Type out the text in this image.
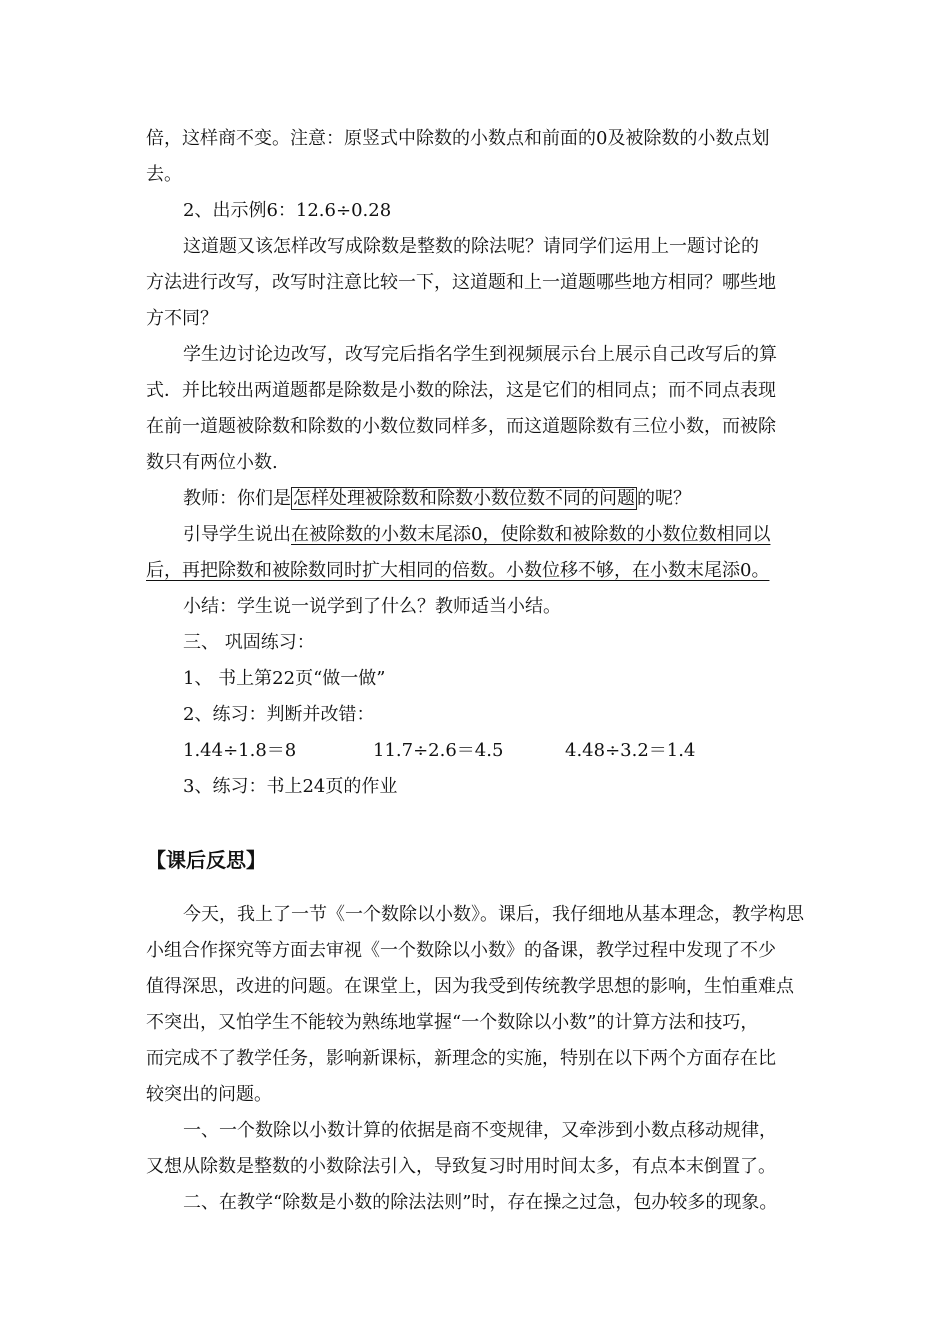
倍，这样商不变。注意：原竖式中除数的小数点和前面的0及被除数的小数点划
去。
2、出示例6：12.6÷0.28
这道题又该怎样改写成除数是整数的除法呢？请同学们运用上一题讨论的
方法进行改写，改写时注意比较一下，这道题和上一道题哪些地方相同？哪些地
方不同？
学生边讨论边改写，改写完后指名学生到视频展示台上展示自己改写后的算
式．并比较出两道题都是除数是小数的除法，这是它们的相同点；而不同点表现
在前一道题被除数和除数的小数位数同样多，而这道题除数有三位小数，而被除
数只有两位小数.
教师：你们是 怎样处理被除数和除数小数位数不同的问题 的呢？
引导学生说出在被除数的小数末尾添0，使除数和被除数的小数位数相同以
后，再把除数和被除数同时扩大相同的倍数。小数位移不够，在小数末尾添0。
小结：学生说一说学到了什么？教师适当小结。
三、 巩固练习：
1、 书上第22页“做一做”
2、练习：判断并改错：
1.44÷1.8＝8	11.7÷2.6＝4.5	4.48÷3.2＝1.4
3、练习：书上24页的作业
【课后反思】
今天，我上了一节《一个数除以小数》。课后，我仔细地从基本理念，教学构思
小组合作探究等方面去审视《一个数除以小数》的备课，教学过程中发现了不少
值得深思，改进的问题。在课堂上，因为我受到传统教学思想的影响，生怕重难点
不突出，又怕学生不能较为熟练地掌握“一个数除以小数”的计算方法和技巧，
而完成不了教学任务，影响新课标，新理念的实施，特别在以下两个方面存在比
较突出的问题。
一、一个数除以小数计算的依据是商不变规律，又牵涉到小数点移动规律，
又想从除数是整数的小数除法引入，导致复习时用时间太多，有点本末倒置了。
二、在教学“除数是小数的除法法则”时，存在操之过急，包办较多的现象。
